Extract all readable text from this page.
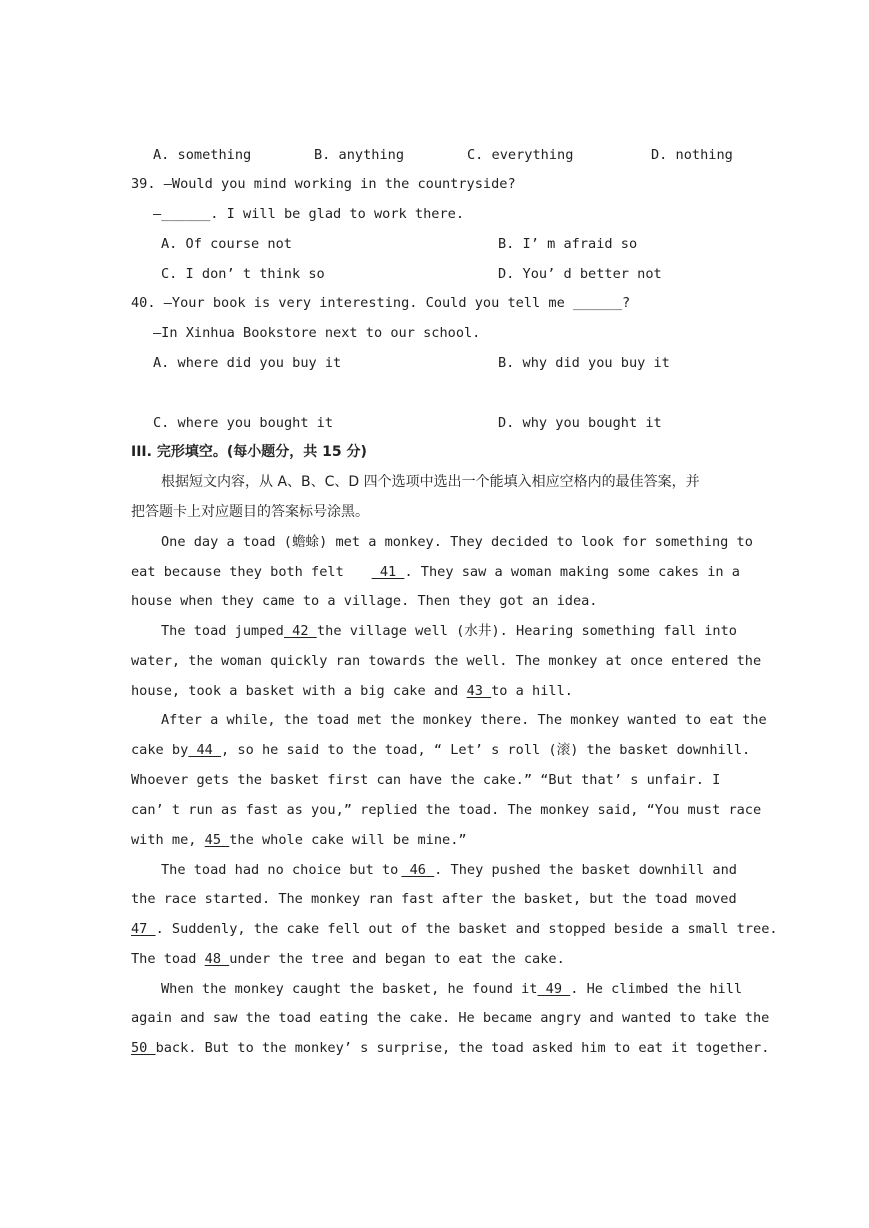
A. something	B. anything	C. everything	D. nothing
39. —Would you mind working in the countryside?
—______. I will be glad to work there.
A. Of course not	B. I’ m afraid so
C. I don’ t think so	D. You’ d better not
40. —Your book is very interesting. Could you tell me ______?
—In Xinhua Bookstore next to our school.
A. where did you buy it	B. why did you buy it
C. where you bought it	D. why you bought it
III. 完形填空。(每小题分，共 15 分)
根据短文内容，从 A、B、C、D 四个选项中选出一个能填入相应空格内的最佳答案，并
把答题卡上对应题目的答案标号涂黑。
One day a toad (蟾蜍) met a monkey. They decided to look for something to
eat because they both felt 41 . They saw a woman making some cakes in a
house when they came to a village. Then they got an idea.
The toad jumped 42 the village well (水井). Hearing something fall into
water, the woman quickly ran towards the well. The monkey at once entered the
house, took a basket with a big cake and 43 to a hill.
After a while, the toad met the monkey there. The monkey wanted to eat the
cake by 44 , so he said to the toad, “ Let’ s roll (滚) the basket downhill.
Whoever gets the basket first can have the cake.” “But that’ s unfair. I
can’ t run as fast as you,” replied the toad. The monkey said, “You must race
with me, 45 the whole cake will be mine.”
The toad had no choice but to 46 . They pushed the basket downhill and
the race started. The monkey ran fast after the basket, but the toad moved
47 . Suddenly, the cake fell out of the basket and stopped beside a small tree.
The toad 48 under the tree and began to eat the cake.
When the monkey caught the basket, he found it 49 . He climbed the hill
again and saw the toad eating the cake. He became angry and wanted to take the
50 back. But to the monkey’ s surprise, the toad asked him to eat it together.
